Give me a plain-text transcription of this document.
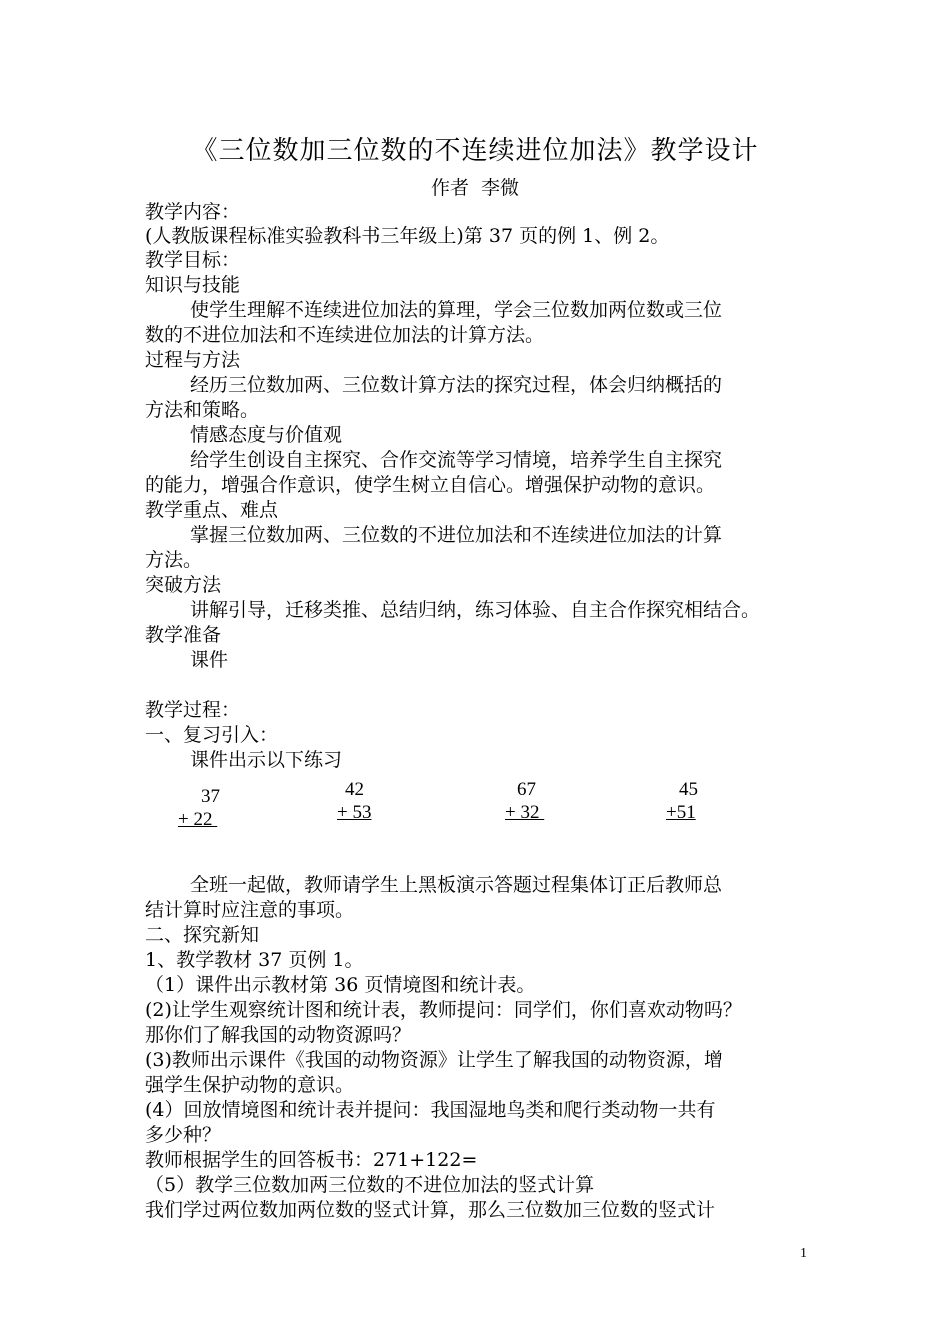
《三位数加三位数的不连续进位加法》教学设计
作者 李微
教学内容：
(人教版课程标准实验教科书三年级上)第 37 页的例 1、例 2。
教学目标：
知识与技能
使学生理解不连续进位加法的算理，学会三位数加两位数或三位
数的不进位加法和不连续进位加法的计算方法。
过程与方法
经历三位数加两、三位数计算方法的探究过程，体会归纳概括的
方法和策略。
情感态度与价值观
给学生创设自主探究、合作交流等学习情境，培养学生自主探究
的能力，增强合作意识，使学生树立自信心。增强保护动物的意识。
教学重点、难点
掌握三位数加两、三位数的不进位加法和不连续进位加法的计算
方法。
突破方法
讲解引导，迁移类推、总结归纳，练习体验、自主合作探究相结合。
教学准备
课件
教学过程：
一、复习引入：
课件出示以下练习
37
+ 22
42
+ 53
67
+ 32
45
+51
全班一起做，教师请学生上黑板演示答题过程集体订正后教师总
结计算时应注意的事项。
二、探究新知
1、教学教材 37 页例 1。
（1）课件出示教材第 36 页情境图和统计表。
(2)让学生观察统计图和统计表，教师提问：同学们，你们喜欢动物吗？
那你们了解我国的动物资源吗？
(3)教师出示课件《我国的动物资源》让学生了解我国的动物资源，增
强学生保护动物的意识。
(4）回放情境图和统计表并提问：我国湿地鸟类和爬行类动物一共有
多少种？
教师根据学生的回答板书：271+122=
（5）教学三位数加两三位数的不进位加法的竖式计算
我们学过两位数加两位数的竖式计算，那么三位数加三位数的竖式计
1
